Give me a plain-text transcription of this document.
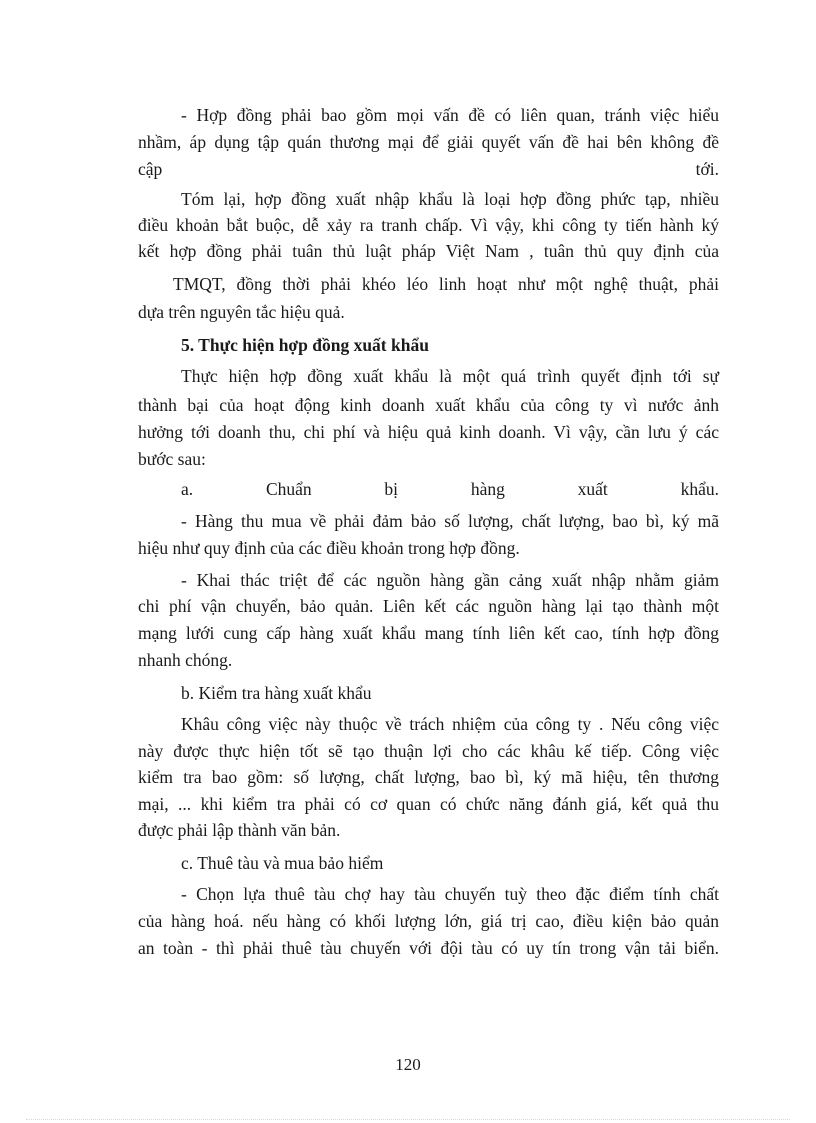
- Hợp đồng phải bao gồm mọi vấn đề có liên quan, tránh việc hiểu
nhầm, áp dụng tập quán thương mại để giải quyết vấn đề hai bên không đề
cập	tới.
Tóm lại, hợp đồng xuất nhập khẩu là loại hợp đồng phức tạp, nhiều
điều khoản bắt buộc, dễ xảy ra tranh chấp. Vì vậy, khi công ty tiến hành ký
kết hợp đồng phải tuân thủ luật pháp Việt Nam , tuân thủ quy định của
TMQT, đồng thời phải khéo léo linh hoạt như một nghệ thuật, phải
dựa trên nguyên tắc hiệu quả.
5. Thực hiện hợp đồng xuất khẩu
Thực hiện hợp đồng xuất khẩu là một quá trình quyết định tới sự
thành bại của hoạt động kinh doanh xuất khẩu của công ty vì nước ảnh
hưởng tới doanh thu, chi phí và hiệu quả kinh doanh. Vì vậy, cần lưu ý các
bước sau:
a.	Chuẩn	bị	hàng	xuất	khẩu.
- Hàng thu mua về phải đảm bảo số lượng, chất lượng, bao bì, ký mã
hiệu như quy định của các điều khoản trong hợp đồng.
- Khai thác triệt để các nguồn hàng gần cảng xuất nhập nhằm giảm
chi phí vận chuyển, bảo quản. Liên kết các nguồn hàng lại tạo thành một
mạng lưới cung cấp hàng xuất khẩu mang tính liên kết cao, tính hợp đồng
nhanh chóng.
b. Kiểm tra hàng xuất khẩu
Khâu công việc này thuộc về trách nhiệm của công ty . Nếu công việc
này được thực hiện tốt sẽ tạo thuận lợi cho các khâu kế tiếp. Công việc
kiểm tra bao gồm: số lượng, chất lượng, bao bì, ký mã hiệu, tên thương
mại, ... khi kiểm tra phải có cơ quan có chức năng đánh giá, kết quả thu
được phải lập thành văn bản.
c. Thuê tàu và mua bảo hiểm
- Chọn lựa thuê tàu chợ hay tàu chuyến tuỳ theo đặc điểm tính chất
của hàng hoá. nếu hàng có khối lượng lớn, giá trị cao, điều kiện bảo quản
an toàn - thì phải thuê tàu chuyến với đội tàu có uy tín trong vận tải biển.
120
